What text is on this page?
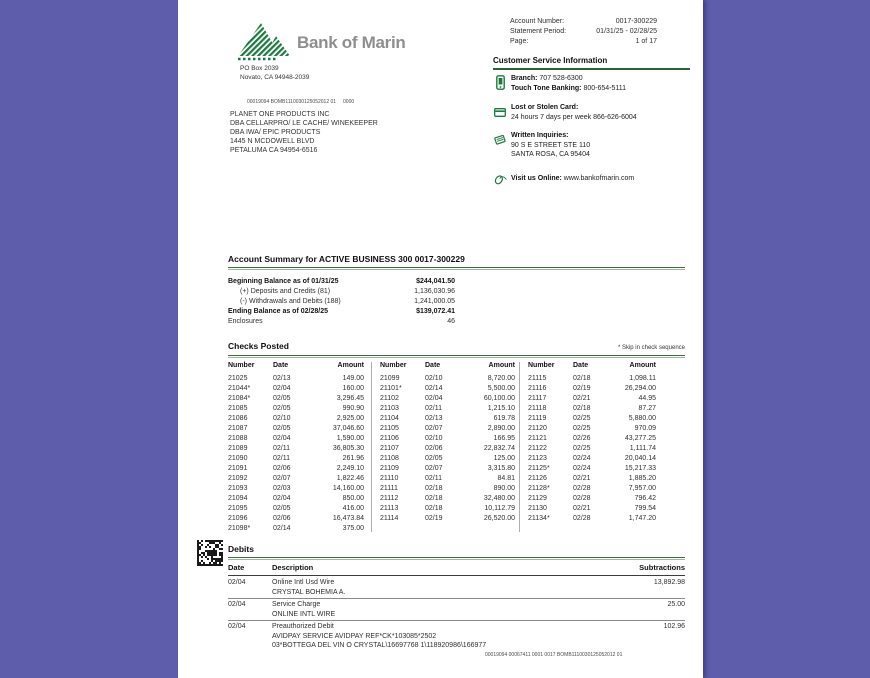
Bank of Marin
PO Box 2039
Novato, CA 94948-2039
Account Number:	0017-300229
Statement Period:	01/31/25 - 02/28/25
Page:	1 of 17
Customer Service Information
Branch: 707 528-6300
Touch Tone Banking: 800-654-5111
Lost or Stolen Card:
24 hours 7 days per week 866-626-6004
Written Inquiries:
90 S E STREET STE 110
SANTA ROSA, CA 95404
Visit us Online: www.bankofmarin.com
00019094 BOMB1110030125052012 01     0000
PLANET ONE PRODUCTS INC
DBA CELLARPRO/ LE CACHE/ WINEKEEPER
DBA IWA/ EPIC PRODUCTS
1445 N MCDOWELL BLVD
PETALUMA CA 94954-6516
Account Summary for ACTIVE BUSINESS 300 0017-300229
Beginning Balance as of 01/31/25	$244,041.50
(+) Deposits and Credits (81)	1,136,030.96
(-) Withdrawals and Debits (188)	1,241,000.05
Ending Balance as of 02/28/25	$139,072.41
Enclosures	46
Checks Posted	* Skip in check sequence
Number	Date	Amount
21025	02/13	149.00
21044*	02/04	160.00
21084*	02/05	3,296.45
21085	02/05	990.90
21086	02/10	2,925.00
21087	02/05	37,046.60
21088	02/04	1,590.00
21089	02/11	36,805.30
21090	02/11	261.96
21091	02/06	2,249.10
21092	02/07	1,822.46
21093	02/03	14,160.00
21094	02/04	850.00
21095	02/05	416.00
21096	02/06	16,473.84
21098*	02/14	375.00
Number	Date	Amount
21099	02/10	8,720.00
21101*	02/14	5,500.00
21102	02/04	60,100.00
21103	02/11	1,215.10
21104	02/13	619.78
21105	02/07	2,890.00
21106	02/10	166.95
21107	02/06	22,832.74
21108	02/05	125.00
21109	02/07	3,315.80
21110	02/11	84.81
21111	02/18	890.00
21112	02/18	32,480.00
21113	02/18	10,112.79
21114	02/19	26,520.00
Number	Date	Amount
21115	02/18	1,098.11
21116	02/19	26,294.00
21117	02/21	44.95
21118	02/18	87.27
21119	02/25	5,880.00
21120	02/25	970.09
21121	02/26	43,277.25
21122	02/25	1,111.74
21123	02/24	20,040.14
21125*	02/24	15,217.33
21126	02/21	1,885.20
21128*	02/28	7,957.00
21129	02/28	796.42
21130	02/21	799.54
21134*	02/28	1,747.20
Debits
Date	Description	Subtractions
02/04	Online Intl Usd Wire	13,892.98
CRYSTAL BOHEMIA A.
02/04	Service Charge	25.00
ONLINE INTL WIRE
02/04	Preauthorized Debit	102.96
AVIDPAY SERVICE AVIDPAY REF*CK*103085*2502
03*BOTTEGA DEL VIN O CRYSTAL\16697768 1\118920986\166977
00019094 00067411 0001 0017 BOMB1110030125052012 01
